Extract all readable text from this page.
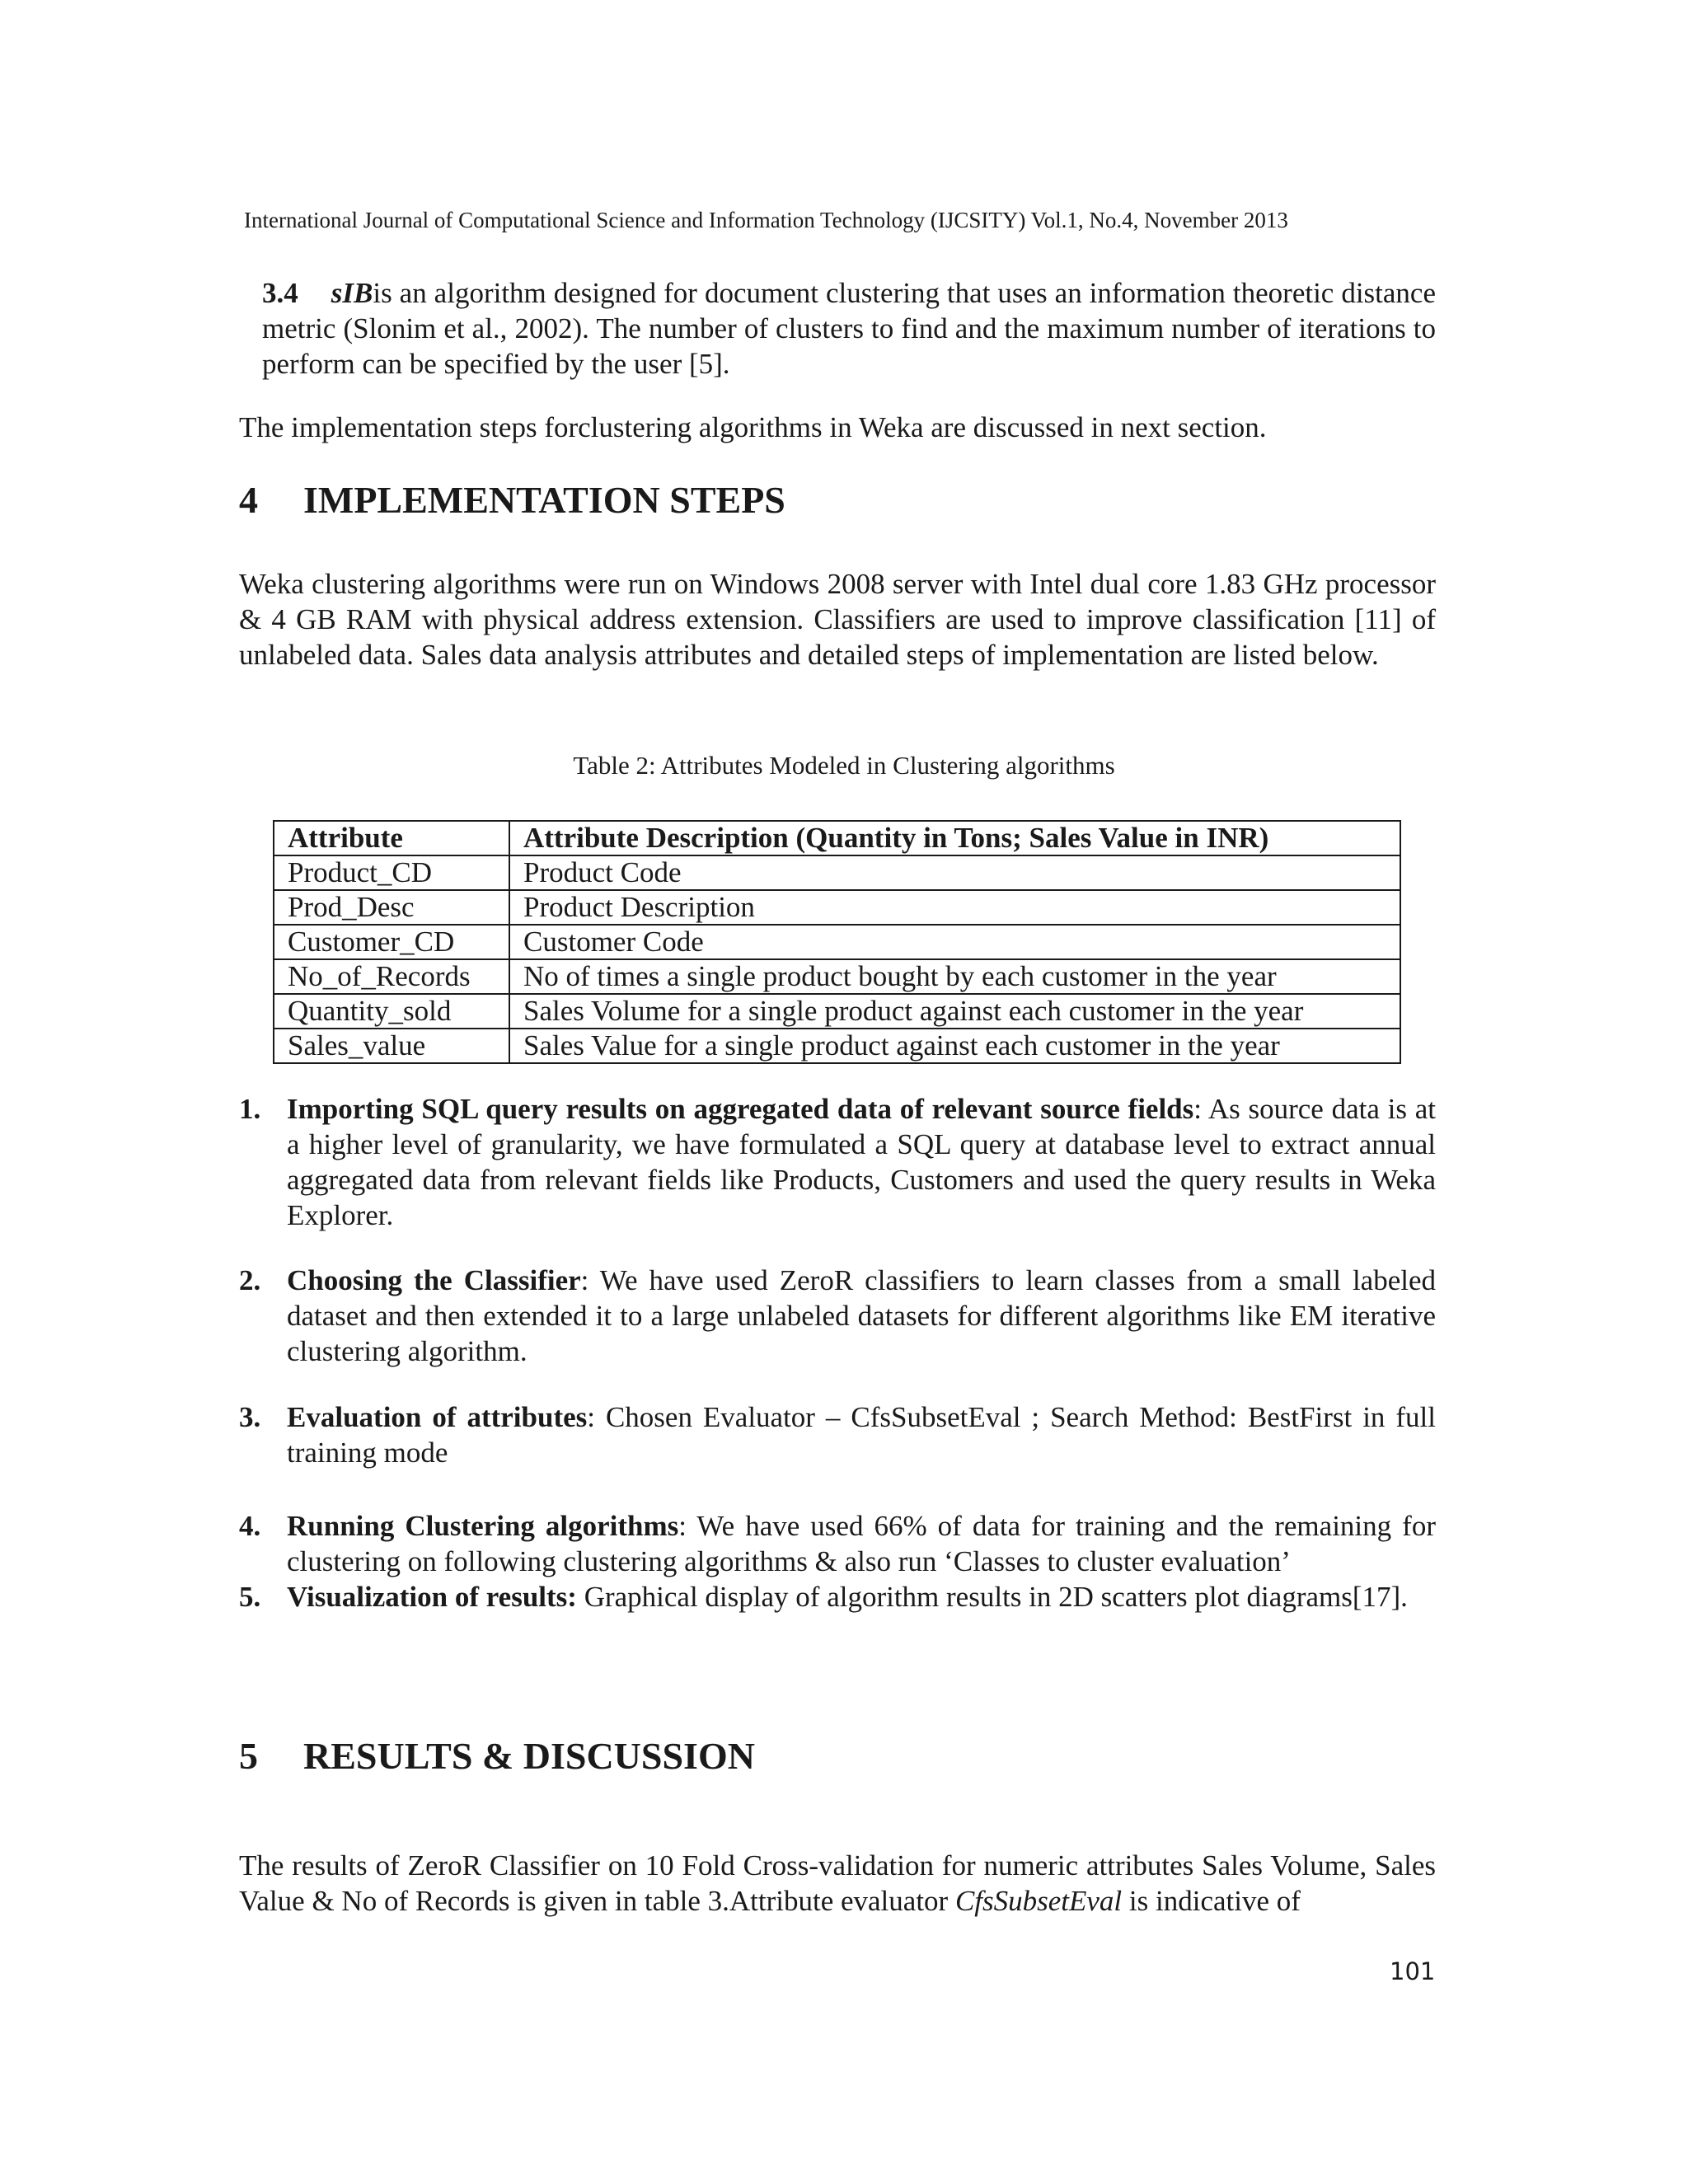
International Journal of Computational Science and Information Technology (IJCSITY) Vol.1, No.4, November 2013
3.4 sIBis an algorithm designed for document clustering that uses an information theoretic distance metric (Slonim et al., 2002). The number of clusters to find and the maximum number of iterations to perform can be specified by the user [5].
The implementation steps forclustering algorithms in Weka are discussed in next section.
4 IMPLEMENTATION STEPS
Weka clustering algorithms were run on Windows 2008 server with Intel dual core 1.83 GHz processor & 4 GB RAM with physical address extension. Classifiers are used to improve classification [11] of unlabeled data. Sales data analysis attributes and detailed steps of implementation are listed below.
Table 2: Attributes Modeled in Clustering algorithms
Attribute	Attribute Description (Quantity in Tons; Sales Value in INR)
Product_CD	Product Code
Prod_Desc	Product Description
Customer_CD	Customer Code
No_of_Records	No of times a single product bought by each customer in the year
Quantity_sold	Sales Volume for a single product against each customer in the year
Sales_value	Sales Value for a single product against each customer in the year
1. Importing SQL query results on aggregated data of relevant source fields: As source data is at a higher level of granularity, we have formulated a SQL query at database level to extract annual aggregated data from relevant fields like Products, Customers and used the query results in Weka Explorer.
2. Choosing the Classifier: We have used ZeroR classifiers to learn classes from a small labeled dataset and then extended it to a large unlabeled datasets for different algorithms like EM iterative clustering algorithm.
3. Evaluation of attributes: Chosen Evaluator – CfsSubsetEval ; Search Method: BestFirst in full training mode
4. Running Clustering algorithms: We have used 66% of data for training and the remaining for clustering on following clustering algorithms & also run ‘Classes to cluster evaluation’
5. Visualization of results: Graphical display of algorithm results in 2D scatters plot diagrams[17].
5 RESULTS & DISCUSSION
The results of ZeroR Classifier on 10 Fold Cross-validation for numeric attributes Sales Volume, Sales Value & No of Records is given in table 3.Attribute evaluator CfsSubsetEval is indicative of
101
